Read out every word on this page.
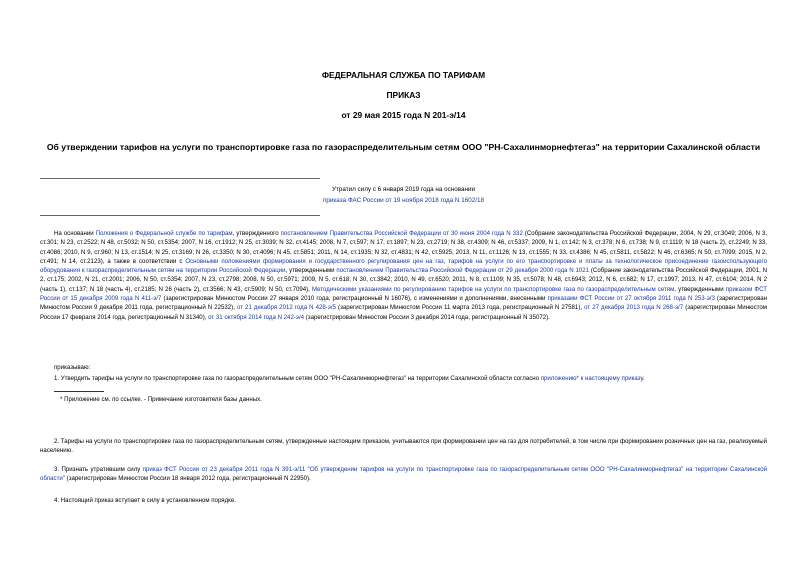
ФЕДЕРАЛЬНАЯ СЛУЖБА ПО ТАРИФАМ
ПРИКАЗ
от 29 мая 2015 года N 201-э/14
Об утверждении тарифов на услуги по транспортировке газа по газораспределительным сетям ООО "РН-Сахалинморнефтегаз" на территории Сахалинской области
Утратил силу с 6 января 2019 года на основании
приказа ФАС России от 19 ноября 2018 года N 1602/18
На основании Положения о Федеральной службе по тарифам, утвержденного постановлением Правительства Российской Федерации от 30 июня 2004 года N 332 (Собрание законодательства Российской Федерации, 2004, N 29, ст.3049; 2006, N 3, ст.301; N 23, ст.2522; N 48, ст.5032; N 50, ст.5354; 2007, N 16, ст.1912; N 25, ст.3039; N 32, ст.4145; 2008, N 7, ст.597; N 17, ст.1897; N 23, ст.2719; N 38, ст.4309; N 46, ст.5337; 2009, N 1, ст.142; N 3, ст.378; N 6, ст.738; N 9, ст.1119; N 18 (часть 2), ст.2249; N 33, ст.4086; 2010, N 9, ст.960; N 13, ст.1514; N 25, ст.3169; N 26, ст.3350; N 30, ст.4096; N 45, ст.5851; 2011, N 14, ст.1935; N 32, ст.4831; N 42, ст.5925; 2013, N 11, ст.1126; N 13, ст.1555; N 33, ст.4386; N 45, ст.5811, ст.5822; N 46, ст.6365; N 50, ст.7099; 2015, N 2, ст.491; N 14, ст.2123), а также в соответствии с Основными положениями формирования и государственного регулирования цен на газ, тарифов на услуги по его транспортировке и платы за технологическое присоединение газоиспользующего оборудования к газораспределительным сетям на территории Российской Федерации, утвержденными постановлением Правительства Российской Федерации от 29 декабря 2000 года N 1021 (Собрание законодательства Российской Федерации, 2001, N 2, ст.175; 2002, N 21, ст.2001; 2006, N 50, ст.5354; 2007, N 23, ст.2798; 2008, N 50, ст.5971; 2009, N 5, ст.618; N 30, ст.3842; 2010, N 49, ст.6520; 2011, N 8, ст.1109; N 35, ст.5078; N 48, ст.6943; 2012, N 6, ст.682; N 17, ст.1997; 2013, N 47, ст.6104; 2014, N 2 (часть 1), ст.137; N 18 (часть 4), ст.2185; N 26 (часть 2), ст.3566; N 43, ст.5909; N 50, ст.7094), Методическими указаниями по регулированию тарифов на услуги по транспортировке газа по газораспределительным сетям, утвержденными приказом ФСТ России от 15 декабря 2009 года N 411-э/7 (зарегистрирован Минюстом России 27 января 2010 года, регистрационный N 16076), с изменениями и дополнениями, внесенными приказами ФСТ России от 27 октября 2011 года N 253-э/3 (зарегистрирован Минюстом России 9 декабря 2011 года, регистрационный N 22532), от 21 декабря 2012 года N 428-э/5 (зарегистрирован Минюстом России 11 марта 2013 года, регистрационный N 27581), от 27 декабря 2013 года N 268-э/7 (зарегистрирован Минюстом России 17 февраля 2014 года, регистрационный N 31340), от 31 октября 2014 года N 242-э/4 (зарегистрирован Минюстом России 3 декабря 2014 года, регистрационный N 35072).
приказываю:
1. Утвердить тарифы на услуги по транспортировке газа по газораспределительным сетям ООО "РН-Сахалинморнефтегаз" на территории Сахалинской области согласно приложению* к настоящему приказу.
* Приложение см. по ссылке. - Примечание изготовителя базы данных.
2. Тарифы на услуги по транспортировке газа по газораспределительным сетям, утвержденные настоящим приказом, учитываются при формировании цен на газ для потребителей, в том числе при формировании розничных цен на газ, реализуемый населению.
3. Признать утратившим силу приказ ФСТ России от 23 декабря 2011 года N 391-э/11 "Об утверждении тарифов на услуги по транспортировке газа по газораспределительным сетям ООО "РН-Сахалинморнефтегаз" на территории Сахалинской области" (зарегистрирован Минюстом России 18 января 2012 года, регистрационный N 22950).
4. Настоящий приказ вступает в силу в установленном порядке.
